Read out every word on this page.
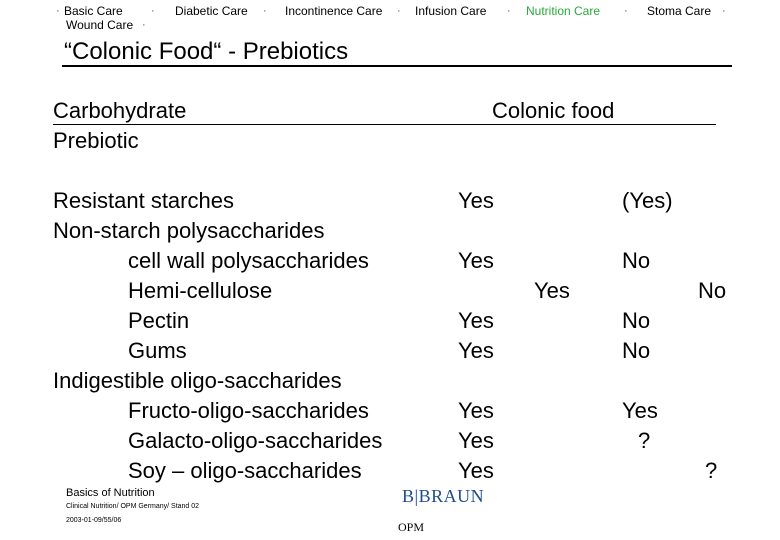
· Basic Care	· Diabetic Care · Incontinence Care · Infusion Care · Nutrition Care · Stoma Care ·
Wound Care ·
“Colonic Food“ - Prebiotics
Carbohydrate
Prebiotic
Colonic food
Resistant starches
Non-starch polysaccharides
cell wall polysaccharides
Hemi-cellulose
Pectin
Gums
Indigestible oligo-saccharides
Fructo-oligo-saccharides
Galacto-oligo-saccharides
Soy – oligo-saccharides
Yes
Yes
Yes
Yes
Yes
Yes
Yes
Yes
(Yes)
No
No
No
Yes
?
No
?
Basics of Nutrition
Clinical Nutrition/ OPM Germany/ Stand 02
2003-01-09/55/06
B|BRAUN
OPM
